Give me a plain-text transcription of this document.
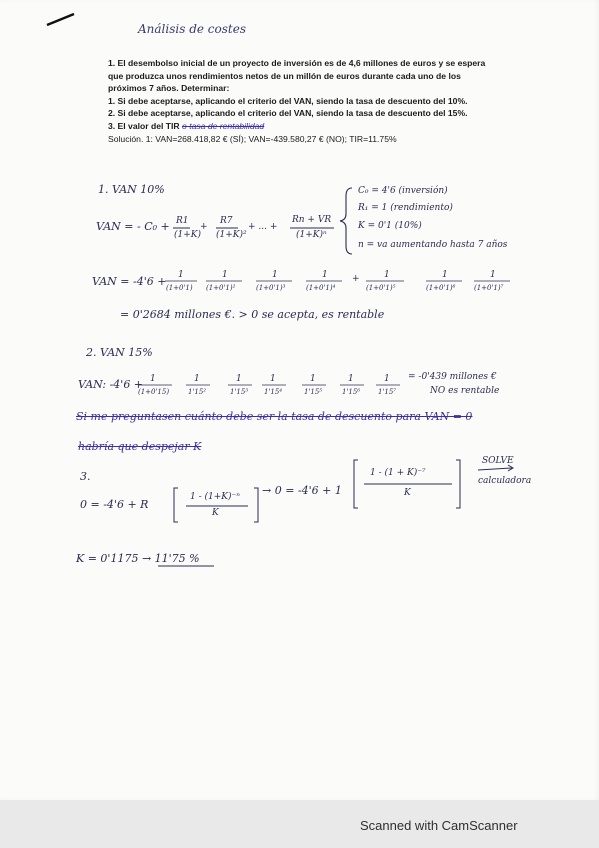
Análisis de costes

1. El desembolso inicial de un proyecto de inversión es de 4,6 millones de euros y se espera

que produzca unos rendimientos netos de un millón de euros durante cada uno de los

próximos 7 años. Determinar:

1. Si debe aceptarse, aplicando el criterio del VAN, siendo la tasa de descuento del 10%.

2. Si debe aceptarse, aplicando el criterio del VAN, siendo la tasa de descuento del 15%.

3. El valor del TIR o tasa de rentabilidad

Solución. 1: VAN=268.418,82 € (SÍ); VAN=-439.580,27 € (NO); TIR=11.75%

1. VAN 10%
VAN = - C₀ + R1
(1+K)
+
R7
(1+K)²
+ ... +
Rn + VR
(1+K)ⁿ
C₀ = 4'6 (inversión)
R₁ = 1 (rendimiento)
K = 0'1 (10%)
n = va aumentando hasta 7 años
VAN = -4'6 + 1
(1+0'1)
1
(1+0'1)²
1
(1+0'1)³
1
(1+0'1)⁴
+	1
(1+0'1)⁵
1
(1+0'1)⁶
1
(1+0'1)⁷
= 0'2684 millones €. > 0 se acepta, es rentable
2. VAN 15%
VAN: -4'6 + 1
(1+0'15)
1
1'15²
1
1'15³
1
1'15⁴
1
1'15⁵
1
1'15⁶
1
1'15⁷
= -0'439 millones €
NO es rentable
Si me preguntasen cuánto debe ser la tasa de descuento para VAN = 0
habría que despejar K
3.
0 = -4'6 + R
1 - (1+K)⁻ⁿ
K
→ 0 = -4'6 + 1
1 - (1 + K)⁻⁷
K
SOLVE
calculadora
K = 0'1175 → 11'75 %
Scanned with CamScanner
